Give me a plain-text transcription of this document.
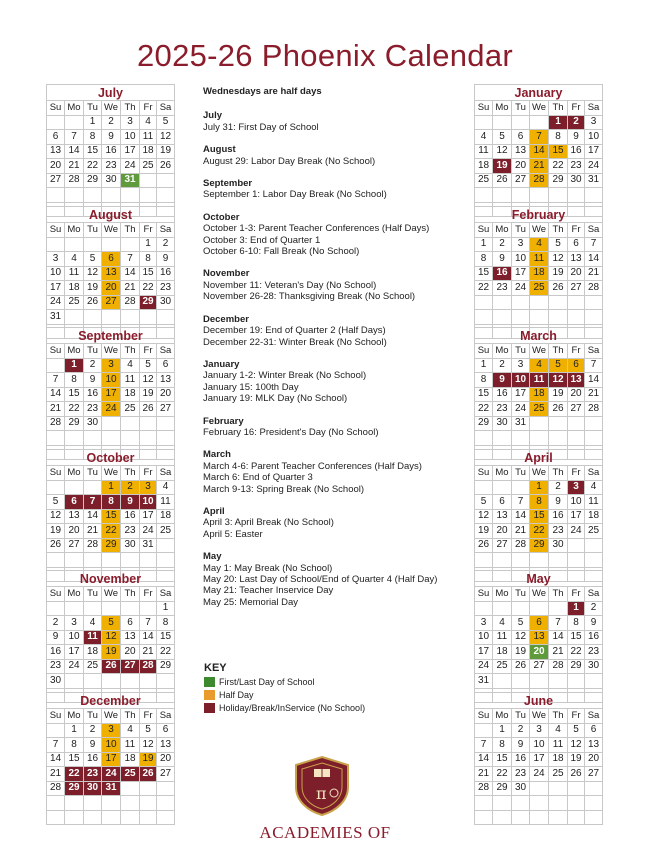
2025-26 Phoenix Calendar
July						
Su	Mo	Tu	We	Th	Fr	Sa
		1	2	3	4	5
6	7	8	9	10	11	12
13	14	15	16	17	18	19
20	21	22	23	24	25	26
27	28	29	30	31		

August						
Su	Mo	Tu	We	Th	Fr	Sa
					1	2
3	4	5	6	7	8	9
10	11	12	13	14	15	16
17	18	19	20	21	22	23
24	25	26	27	28	29	30
31						

September						
Su	Mo	Tu	We	Th	Fr	Sa
	1	2	3	4	5	6
7	8	9	10	11	12	13
14	15	16	17	18	19	20
21	22	23	24	25	26	27
28	29	30				

October						
Su	Mo	Tu	We	Th	Fr	Sa
			1	2	3	4
5	6	7	8	9	10	11
12	13	14	15	16	17	18
19	20	21	22	23	24	25
26	27	28	29	30	31	

November						
Su	Mo	Tu	We	Th	Fr	Sa
						1
2	3	4	5	6	7	8
9	10	11	12	13	14	15
16	17	18	19	20	21	22
23	24	25	26	27	28	29
30						

December						
Su	Mo	Tu	We	Th	Fr	Sa
	1	2	3	4	5	6
7	8	9	10	11	12	13
14	15	16	17	18	19	20
21	22	23	24	25	26	27
28	29	30	31			

January						
Su	Mo	Tu	We	Th	Fr	Sa
				1	2	3
4	5	6	7	8	9	10
11	12	13	14	15	16	17
18	19	20	21	22	23	24
25	26	27	28	29	30	31

February						
Su	Mo	Tu	We	Th	Fr	Sa
1	2	3	4	5	6	7
8	9	10	11	12	13	14
15	16	17	18	19	20	21
22	23	24	25	26	27	28

March						
Su	Mo	Tu	We	Th	Fr	Sa
1	2	3	4	5	6	7
8	9	10	11	12	13	14
15	16	17	18	19	20	21
22	23	24	25	26	27	28
29	30	31				

April						
Su	Mo	Tu	We	Th	Fr	Sa
			1	2	3	4
5	6	7	8	9	10	11
12	13	14	15	16	17	18
19	20	21	22	23	24	25
26	27	28	29	30		

May						
Su	Mo	Tu	We	Th	Fr	Sa
					1	2
3	4	5	6	7	8	9
10	11	12	13	14	15	16
17	18	19	20	21	22	23
24	25	26	27	28	29	30
31						

June						
Su	Mo	Tu	We	Th	Fr	Sa
	1	2	3	4	5	6
7	8	9	10	11	12	13
14	15	16	17	18	19	20
21	22	23	24	25	26	27
28	29	30				

Wednesdays are half days
July
July 31: First Day of School
August
August 29: Labor Day Break (No School)
September
September 1: Labor Day Break (No School)
October
October 1-3: Parent Teacher Conferences (Half Days)
October 3: End of Quarter 1
October 6-10: Fall Break (No School)
November
November 11: Veteran's Day (No School)
November 26-28: Thanksgiving Break (No School)
December
December 19: End of Quarter 2 (Half Days)
December 22-31: Winter Break (No School)
January
January 1-2: Winter Break (No School)
January 15: 100th Day
January 19: MLK Day (No School)
February
February 16: President's Day (No School)
March
March 4-6: Parent Teacher Conferences (Half Days)
March 6: End of Quarter 3
March 9-13: Spring Break (No School)
April
April 3: April Break (No School)
April 5: Easter
May
May 1: May Break (No School)
May 20: Last Day of School/End of Quarter 4 (Half Day)
May 21: Teacher Inservice Day
May 25: Memorial Day
KEY
First/Last Day of School
Half Day
Holiday/Break/InService (No School)
π
ACADEMIES OF
